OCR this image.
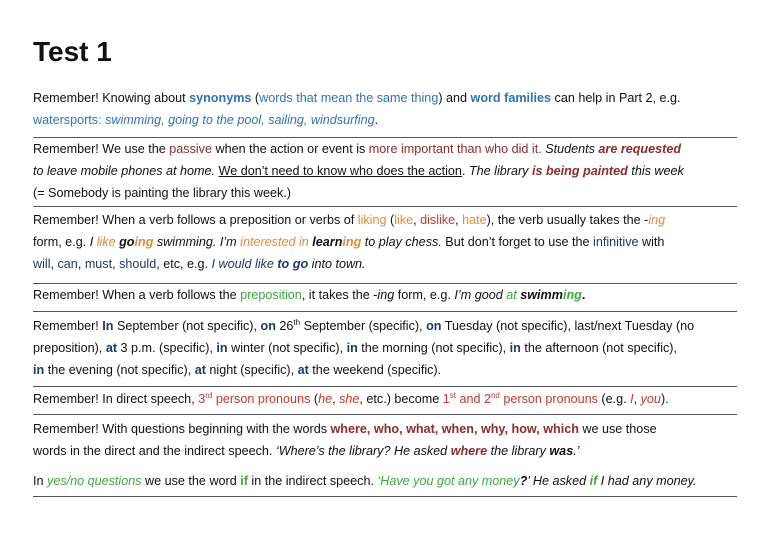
Test 1
Remember! Knowing about synonyms (words that mean the same thing) and word families can help in Part 2, e.g.
watersports: swimming, going to the pool, sailing, windsurfing.
Remember! We use the passive when the action or event is more important than who did it. Students are requested
to leave mobile phones at home. We don’t need to know who does the action. The library is being painted this week
(= Somebody is painting the library this week.)
Remember! When a verb follows a preposition or verbs of liking (like, dislike, hate), the verb usually takes the -ing
form, e.g. I like going swimming. I’m interested in learning to play chess. But don’t forget to use the infinitive with
will, can, must, should, etc, e.g. I would like to go into town.
Remember! When a verb follows the preposition, it takes the -ing form, e.g. I’m good at swimming.
Remember! In September (not specific), on 26th September (specific), on Tuesday (not specific), last/next Tuesday (no
preposition), at 3 p.m. (specific), in winter (not specific), in the morning (not specific), in the afternoon (not specific),
in the evening (not specific), at night (specific), at the weekend (specific).
Remember! In direct speech, 3rd person pronouns (he, she, etc.) become 1st and 2nd person pronouns (e.g. I, you).
Remember! With questions beginning with the words where, who, what, when, why, how, which we use those
words in the direct and the indirect speech. ‘Where’s the library? He asked where the library was.’
In yes/no questions we use the word if in the indirect speech. ‘Have you got any money?’ He asked if I had any money.
